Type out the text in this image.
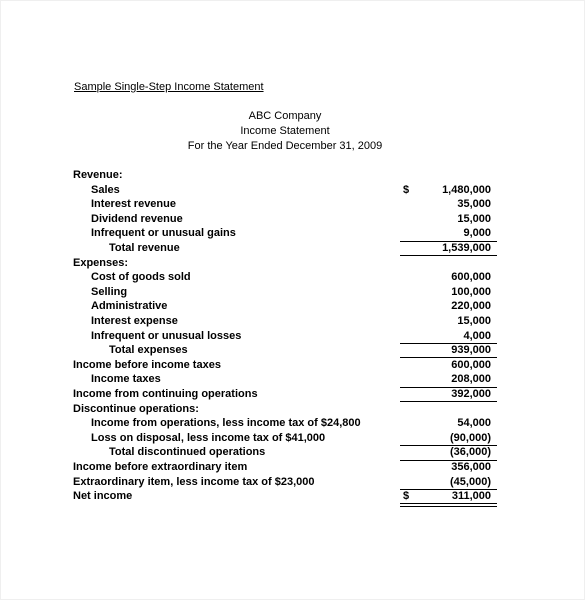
Sample Single-Step Income Statement
ABC Company
Income Statement
For the Year Ended December 31, 2009
Revenue:
Sales	$	1,480,000
Interest revenue	35,000
Dividend revenue	15,000
Infrequent or unusual gains	9,000
Total revenue	1,539,000
Expenses:
Cost of goods sold	600,000
Selling	100,000
Administrative	220,000
Interest expense	15,000
Infrequent or unusual losses	4,000
Total expenses	939,000
Income before income taxes	600,000
Income taxes	208,000
Income from continuing operations	392,000
Discontinue operations:
Income from operations, less income tax of $24,800	54,000
Loss on disposal, less income tax of $41,000	(90,000)
Total discontinued operations	(36,000)
Income before extraordinary item	356,000
Extraordinary item, less income tax of $23,000	(45,000)
Net income	$	311,000
